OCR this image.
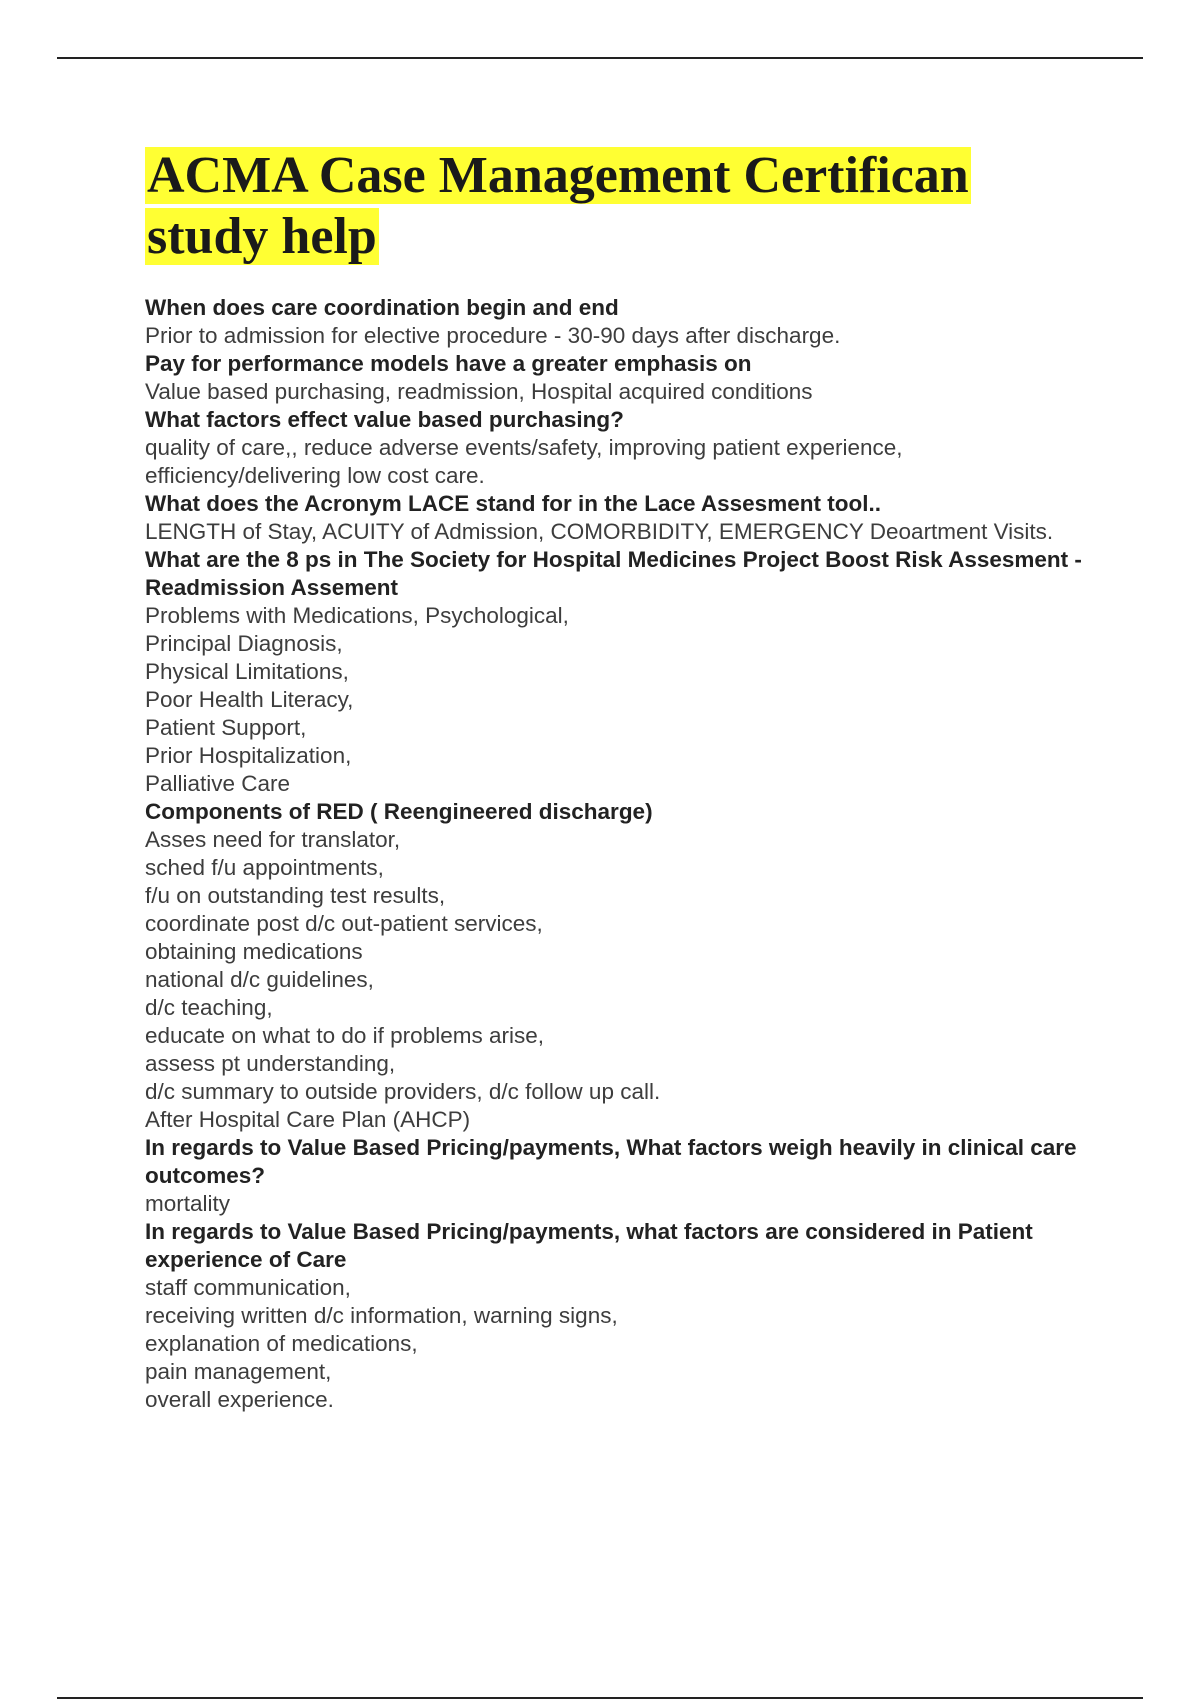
ACMA Case Management Certifican study help
When does care coordination begin and end
Prior to admission for elective procedure - 30-90 days after discharge.
Pay for performance models have a greater emphasis on
Value based purchasing, readmission, Hospital acquired conditions
What factors effect value based purchasing?
quality of care,, reduce adverse events/safety, improving patient experience, efficiency/delivering low cost care.
What does the Acronym LACE stand for in the Lace Assesment tool..
LENGTH of Stay, ACUITY of Admission, COMORBIDITY, EMERGENCY Deoartment Visits.
What are the 8 ps in The Society for Hospital Medicines Project Boost Risk Assesment - Readmission Assement
Problems with Medications, Psychological,
Principal Diagnosis,
Physical Limitations,
Poor Health Literacy,
Patient Support,
Prior Hospitalization,
Palliative Care
Components of RED ( Reengineered discharge)
Asses need for translator,
sched f/u appointments,
f/u on outstanding test results,
coordinate post d/c out-patient services,
obtaining medications
national d/c guidelines,
d/c teaching,
educate on what to do if problems arise,
assess pt understanding,
d/c summary to outside providers, d/c follow up call.
After Hospital Care Plan (AHCP)
In regards to Value Based Pricing/payments, What factors weigh heavily in clinical care outcomes?
mortality
In regards to Value Based Pricing/payments, what factors are considered in Patient experience of Care
staff communication,
receiving written d/c information, warning signs,
explanation of medications,
pain management,
overall experience.
